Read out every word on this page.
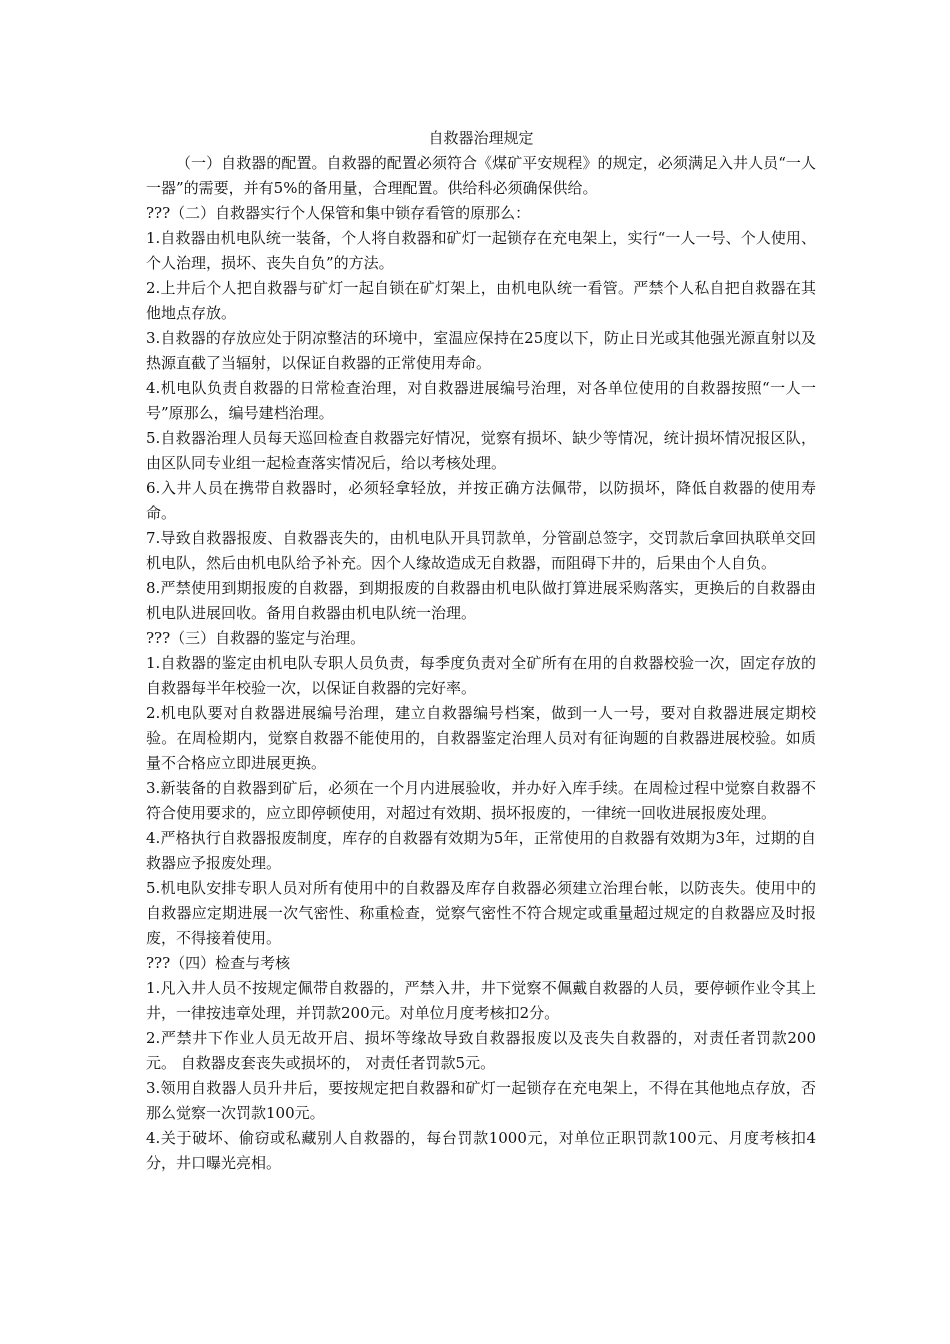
自救器治理规定

（一）自救器的配置。自救器的配置必须符合《煤矿平安规程》的规定，必须满足入井人员“一人一器”的需要，并有5%的备用量，合理配置。供给科必须确保供给。

???（二）自救器实行个人保管和集中锁存看管的原那么：

1.自救器由机电队统一装备，个人将自救器和矿灯一起锁存在充电架上，实行“一人一号、个人使用、个人治理，损坏、丧失自负”的方法。

2.上井后个人把自救器与矿灯一起自锁在矿灯架上，由机电队统一看管。严禁个人私自把自救器在其他地点存放。

3.自救器的存放应处于阴凉整洁的环境中，室温应保持在25度以下，防止日光或其他强光源直射以及热源直截了当辐射，以保证自救器的正常使用寿命。

4.机电队负责自救器的日常检查治理，对自救器进展编号治理，对各单位使用的自救器按照“一人一号”原那么，编号建档治理。

5.自救器治理人员每天巡回检查自救器完好情况，觉察有损坏、缺少等情况，统计损坏情况报区队，由区队同专业组一起检查落实情况后，给以考核处理。

6.入井人员在携带自救器时，必须轻拿轻放，并按正确方法佩带，以防损坏，降低自救器的使用寿命。

7.导致自救器报废、自救器丧失的，由机电队开具罚款单，分管副总签字，交罚款后拿回执联单交回机电队，然后由机电队给予补充。因个人缘故造成无自救器，而阻碍下井的，后果由个人自负。

8.严禁使用到期报废的自救器，到期报废的自救器由机电队做打算进展采购落实，更换后的自救器由机电队进展回收。备用自救器由机电队统一治理。

???（三）自救器的鉴定与治理。

1.自救器的鉴定由机电队专职人员负责，每季度负责对全矿所有在用的自救器校验一次，固定存放的自救器每半年校验一次，以保证自救器的完好率。

2.机电队要对自救器进展编号治理，建立自救器编号档案，做到一人一号，要对自救器进展定期校验。在周检期内，觉察自救器不能使用的，自救器鉴定治理人员对有征询题的自救器进展校验。如质量不合格应立即进展更换。

3.新装备的自救器到矿后，必须在一个月内进展验收，并办好入库手续。在周检过程中觉察自救器不符合使用要求的，应立即停顿使用，对超过有效期、损坏报废的，一律统一回收进展报废处理。

4.严格执行自救器报废制度，库存的自救器有效期为5年，正常使用的自救器有效期为3年，过期的自救器应予报废处理。

5.机电队安排专职人员对所有使用中的自救器及库存自救器必须建立治理台帐，以防丧失。使用中的自救器应定期进展一次气密性、称重检查，觉察气密性不符合规定或重量超过规定的自救器应及时报废，不得接着使用。

???（四）检查与考核

1.凡入井人员不按规定佩带自救器的，严禁入井，井下觉察不佩戴自救器的人员，要停顿作业令其上井，一律按违章处理，并罚款200元。对单位月度考核扣2分。

2.严禁井下作业人员无故开启、损坏等缘故导致自救器报废以及丧失自救器的，对责任者罚款200元。 自救器皮套丧失或损坏的， 对责任者罚款5元。

3.领用自救器人员升井后，要按规定把自救器和矿灯一起锁存在充电架上，不得在其他地点存放，否那么觉察一次罚款100元。

4.关于破坏、偷窃或私藏别人自救器的，每台罚款1000元，对单位正职罚款100元、月度考核扣4分，井口曝光亮相。
